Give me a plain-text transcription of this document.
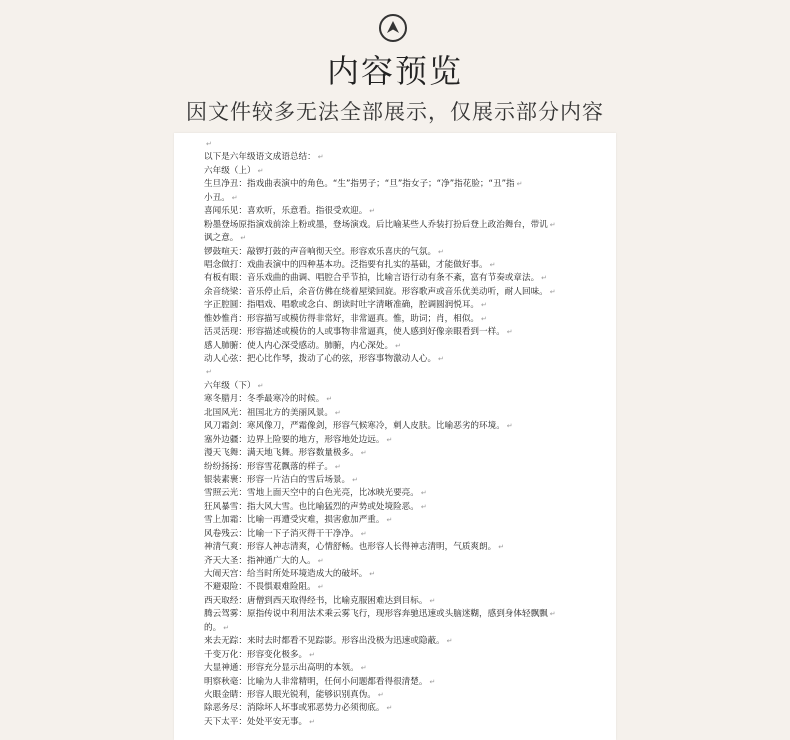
内容预览
因文件较多无法全部展示，仅展示部分内容
↵
以下是六年级语文成语总结： ↵
六年级（上） ↵
生旦净丑：指戏曲表演中的角色。“生”指男子；“旦”指女子；“净”指花脸；“丑”指 ↵
小丑。 ↵
喜闻乐见：喜欢听，乐意看。指很受欢迎。 ↵
粉墨登场原指演戏前涂上粉或墨，登场演戏。后比喻某些人乔装打扮后登上政治舞台，带讥 ↵
讽之意。 ↵
锣鼓喧天：敲锣打鼓的声音响彻天空。形容欢乐喜庆的气氛。 ↵
唱念做打：戏曲表演中的四种基本功。泛指要有扎实的基础，才能做好事。 ↵
有板有眼：音乐戏曲的曲调、唱腔合乎节拍，比喻言语行动有条不紊，富有节奏或章法。 ↵
余音绕梁：音乐停止后，余音仿佛在绕着屋梁回旋。形容歌声或音乐优美动听，耐人回味。 ↵
字正腔圆：指唱戏、唱歌或念白、朗读时吐字清晰准确，腔调圆润悦耳。 ↵
惟妙惟肖：形容描写或模仿得非常好，非常逼真。惟，助词；肖，相似。 ↵
活灵活现：形容描述或模仿的人或事物非常逼真，使人感到好像亲眼看到一样。 ↵
感人肺腑：使人内心深受感动。肺腑，内心深处。 ↵
动人心弦：把心比作琴，拨动了心的弦，形容事物激动人心。 ↵
↵
六年级（下） ↵
寒冬腊月：冬季最寒冷的时候。 ↵
北国风光：祖国北方的美丽风景。 ↵
风刀霜剑：寒风像刀，严霜像剑，形容气候寒冷，刺人皮肤。比喻恶劣的环境。 ↵
塞外边疆：边界上险要的地方，形容地处边远。 ↵
漫天飞舞：满天地飞舞。形容数量极多。 ↵
纷纷扬扬：形容雪花飘落的样子。 ↵
银装素裹：形容一片洁白的雪后场景。 ↵
雪照云光：雪地上面天空中的白色光亮，比冰映光要亮。 ↵
狂风暴雪：指大风大雪。也比喻猛烈的声势或处境险恶。 ↵
雪上加霜：比喻一再遭受灾难，损害愈加严重。 ↵
风卷残云：比喻一下子消灭得干干净净。 ↵
神清气爽：形容人神志清爽，心情舒畅。也形容人长得神志清明，气质爽朗。 ↵
齐天大圣：指神通广大的人。 ↵
大闹天宫：给当时所处环境造成大的破坏。 ↵
不避艰险：不畏惧艰难险阻。 ↵
西天取经：唐僧到西天取得经书，比喻克服困难达到目标。 ↵
腾云驾雾：原指传说中利用法术乘云雾飞行，现形容奔驰迅速或头脑迷糊，感到身体轻飘飘 ↵
的。 ↵
来去无踪：来时去时都看不见踪影。形容出没极为迅速或隐蔽。 ↵
千变万化：形容变化极多。 ↵
大显神通：形容充分显示出高明的本领。 ↵
明察秋毫：比喻为人非常精明，任何小问题都看得很清楚。 ↵
火眼金睛：形容人眼光锐利，能够识别真伪。 ↵
除恶务尽：消除坏人坏事或邪恶势力必须彻底。 ↵
天下太平：处处平安无事。 ↵
